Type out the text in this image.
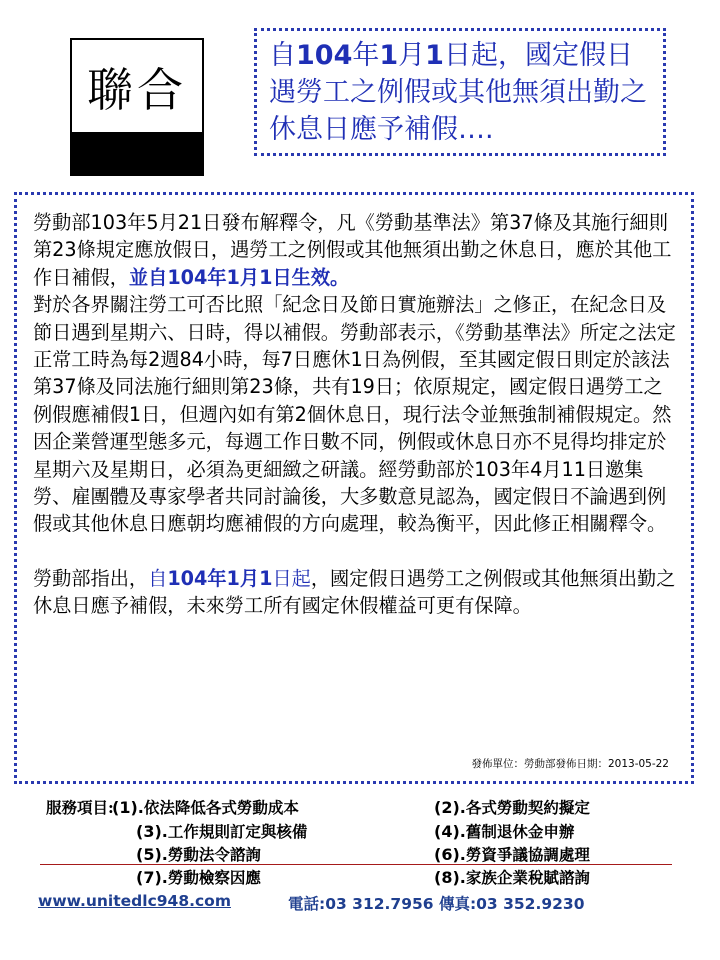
聯合
自104年1月1日起，國定假日遇勞工之例假或其他無須出勤之休息日應予補假….
勞動部103年5月21日發布解釋令，凡《勞動基準法》第37條及其施行細則第23條規定應放假日，遇勞工之例假或其他無須出勤之休息日，應於其他工作日補假，並自104年1月1日生效。
對於各界關注勞工可否比照「紀念日及節日實施辦法」之修正，在紀念日及節日遇到星期六、日時，得以補假。勞動部表示，《勞動基準法》所定之法定正常工時為每2週84小時，每7日應休1日為例假，至其國定假日則定於該法第37條及同法施行細則第23條，共有19日；依原規定，國定假日遇勞工之例假應補假1日，但週內如有第2個休息日，現行法令並無強制補假規定。然因企業營運型態多元，每週工作日數不同，例假或休息日亦不見得均排定於星期六及星期日，必須為更細緻之研議。經勞動部於103年4月11日邀集勞、雇團體及專家學者共同討論後，大多數意見認為，國定假日不論遇到例假或其他休息日應朝均應補假的方向處理，較為衡平，因此修正相關釋令。
勞動部指出，自104年1月1日起，國定假日遇勞工之例假或其他無須出勤之休息日應予補假，未來勞工所有國定休假權益可更有保障。
發佈單位：勞動部發佈日期：2013-05-22
服務項目:
(1).依法降低各式勞動成本	(2).各式勞動契約擬定
(3).工作規則訂定與核備	(4).舊制退休金申辦
(5).勞動法令諮詢	(6).勞資爭議協調處理
(7).勞動檢察因應	(8).家族企業稅賦諮詢
www.unitedlc948.com	電話:03 312.7956 傳真:03 352.9230
